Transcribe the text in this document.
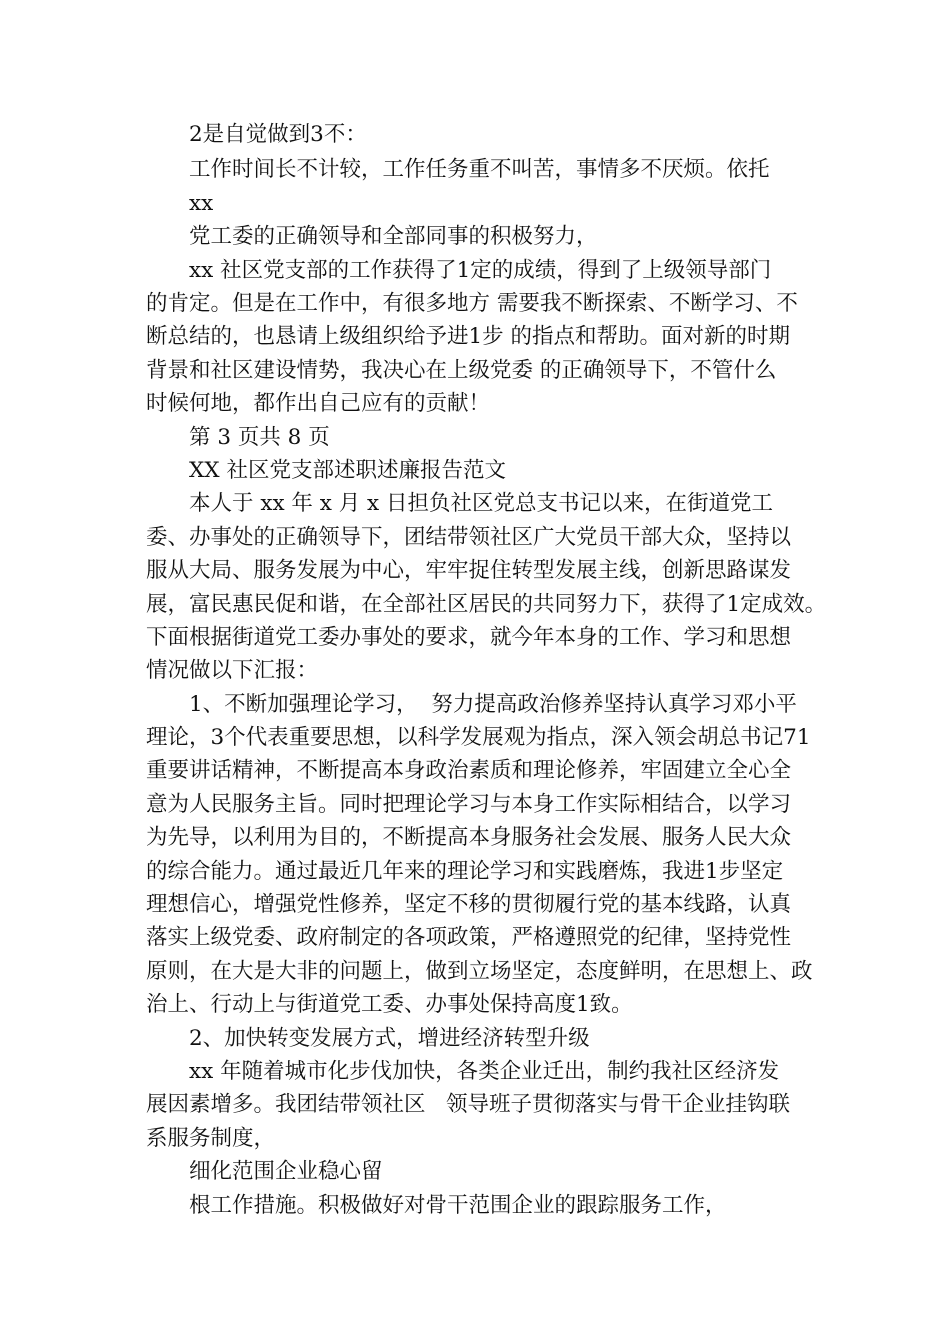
2是自觉做到3不：

工作时间长不计较，工作任务重不叫苦，事情多不厌烦。依托

xx

党工委的正确领导和全部同事的积极努力，

xx 社区党支部的工作获得了1定的成绩，得到了上级领导部门

的肯定。但是在工作中，有很多地方 需要我不断探索、不断学习、不

断总结的，也恳请上级组织给予进1步 的指点和帮助。面对新的时期

背景和社区建设情势，我决心在上级党委 的正确领导下，不管什么

时候何地，都作出自己应有的贡献！

第 3 页共 8 页

XX 社区党支部述职述廉报告范文

本人于 xx 年 x 月 x 日担负社区党总支书记以来，在街道党工

委、办事处的正确领导下，团结带领社区广大党员干部大众，坚持以

服从大局、服务发展为中心，牢牢捉住转型发展主线，创新思路谋发

展，富民惠民促和谐，在全部社区居民的共同努力下，获得了1定成效。

下面根据街道党工委办事处的要求，就今年本身的工作、学习和思想

情况做以下汇报：

1、不断加强理论学习，  努力提高政治修养坚持认真学习邓小平

理论，3个代表重要思想，以科学发展观为指点，深入领会胡总书记71

重要讲话精神，不断提高本身政治素质和理论修养，牢固建立全心全

意为人民服务主旨。同时把理论学习与本身工作实际相结合，以学习

为先导，以利用为目的，不断提高本身服务社会发展、服务人民大众

的综合能力。通过最近几年来的理论学习和实践磨炼，我进1步坚定

理想信心，增强党性修养，坚定不移的贯彻履行党的基本线路，认真

落实上级党委、政府制定的各项政策，严格遵照党的纪律，坚持党性

原则，在大是大非的问题上，做到立场坚定，态度鲜明，在思想上、政

治上、行动上与街道党工委、办事处保持高度1致。

2、加快转变发展方式，增进经济转型升级

xx 年随着城市化步伐加快，各类企业迁出，制约我社区经济发

展因素增多。我团结带领社区   领导班子贯彻落实与骨干企业挂钩联

系服务制度，

细化范围企业稳心留

根工作措施。积极做好对骨干范围企业的跟踪服务工作，
